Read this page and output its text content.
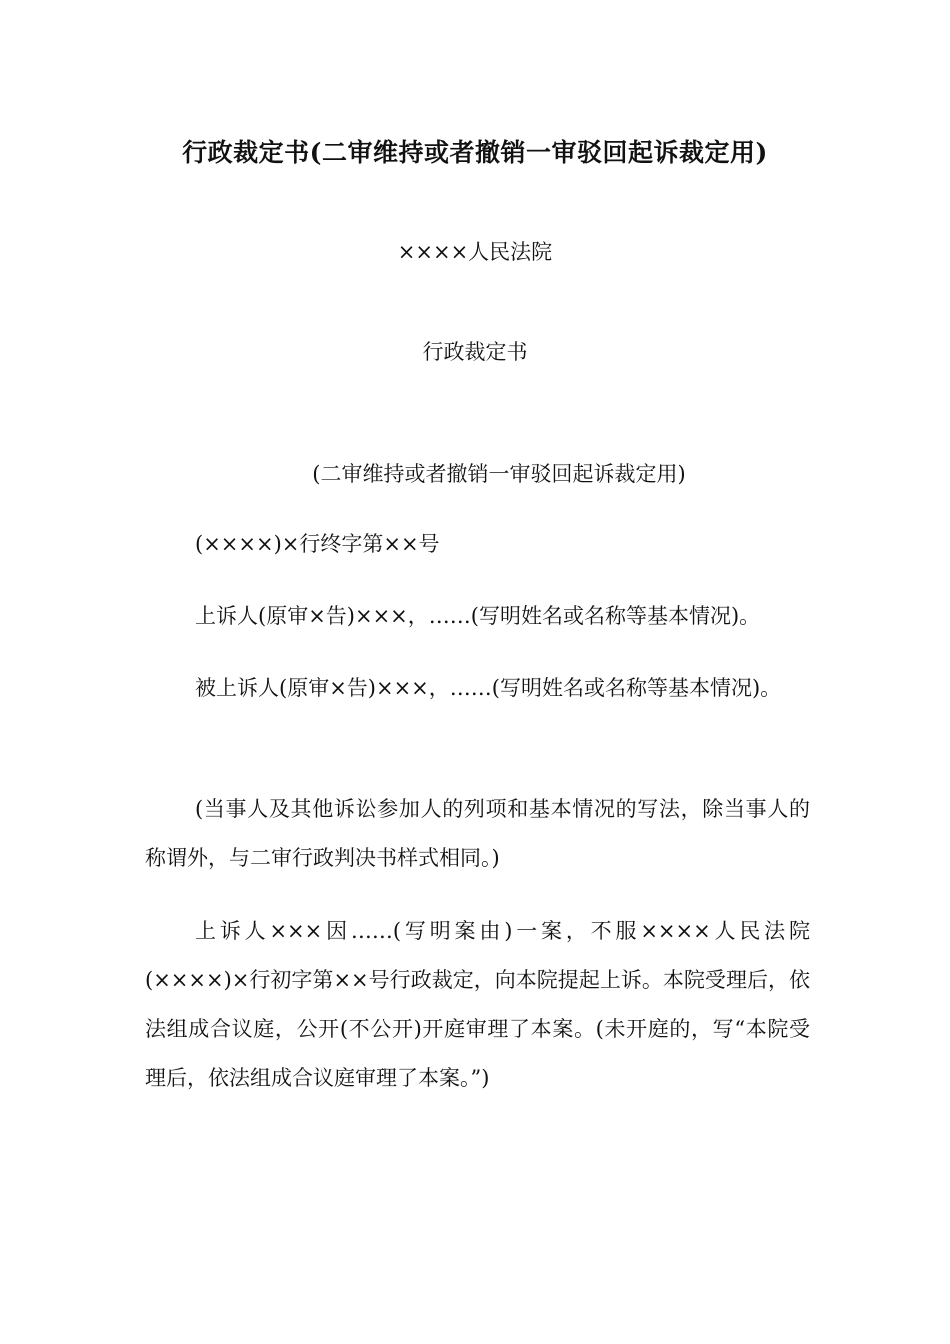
行政裁定书(二审维持或者撤销一审驳回起诉裁定用)
××××人民法院
行政裁定书
(二审维持或者撤销一审驳回起诉裁定用)

(××××)×行终字第××号

上诉人(原审×告)×××，……(写明姓名或名称等基本情况)。

被上诉人(原审×告)×××，……(写明姓名或名称等基本情况)。

(当事人及其他诉讼参加人的列项和基本情况的写法，除当事人的称谓外，与二审行政判决书样式相同。)

上诉人×××因……(写明案由)一案，不服××××人民法院(××××)×行初字第××号行政裁定，向本院提起上诉。本院受理后，依法组成合议庭，公开(不公开)开庭审理了本案。(未开庭的，写“本院受理后，依法组成合议庭审理了本案。”)
